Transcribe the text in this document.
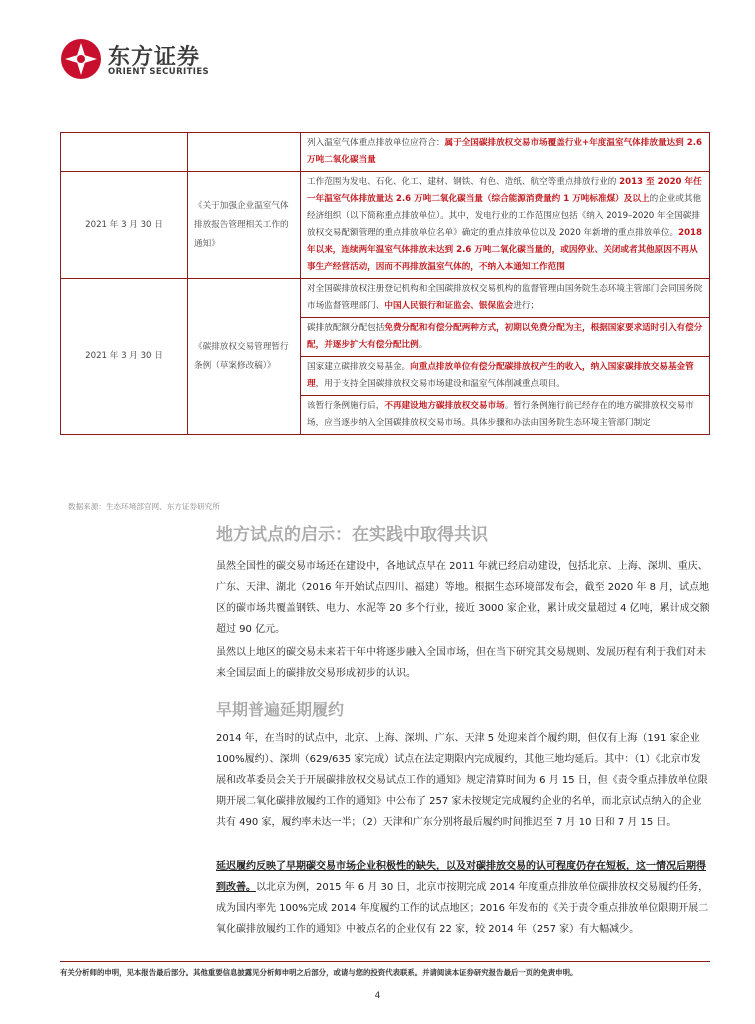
东方证券
ORIENT SECURITIES
		列入温室气体重点排放单位应符合：属于全国碳排放权交易市场覆盖行业+年度温室气体排放量达到 2.6 万吨二氧化碳当量
2021 年 3 月 30 日	《关于加强企业温室气体排放报告管理相关工作的通知》	工作范围为发电、石化、化工、建材、钢铁、有色、造纸、航空等重点排放行业的 2013 至 2020 年任一年温室气体排放量达 2.6 万吨二氧化碳当量（综合能源消费量约 1 万吨标准煤）及以上的企业或其他经济组织（以下简称重点排放单位）。其中，发电行业的工作范围应包括《纳入 2019–2020 年全国碳排放权交易配额管理的重点排放单位名单》确定的重点排放单位以及 2020 年新增的重点排放单位。2018 年以来，连续两年温室气体排放未达到 2.6 万吨二氧化碳当量的，或因停业、关闭或者其他原因不再从事生产经营活动，因而不再排放温室气体的，不纳入本通知工作范围
2021 年 3 月 30 日	《碳排放权交易管理暂行条例（草案修改稿）》	对全国碳排放权注册登记机构和全国碳排放权交易机构的监督管理由国务院生态环境主管部门会同国务院市场监督管理部门、中国人民银行和证监会、银保监会进行；
		碳排放配额分配包括免费分配和有偿分配两种方式，初期以免费分配为主，根据国家要求适时引入有偿分配，并逐步扩大有偿分配比例。
		国家建立碳排放交易基金。向重点排放单位有偿分配碳排放权产生的收入，纳入国家碳排放交易基金管理，用于支持全国碳排放权交易市场建设和温室气体削减重点项目。
		该暂行条例施行后，不再建设地方碳排放权交易市场。暂行条例施行前已经存在的地方碳排放权交易市场，应当逐步纳入全国碳排放权交易市场。具体步骤和办法由国务院生态环境主管部门制定
数据来源：生态环境部官网、东方证券研究所
地方试点的启示：在实践中取得共识
虽然全国性的碳交易市场还在建设中，各地试点早在 2011 年就已经启动建设，包括北京、上海、深圳、重庆、广东、天津、湖北（2016 年开始试点四川、福建）等地。根据生态环境部发布会，截至 2020 年 8 月，试点地区的碳市场共覆盖钢铁、电力、水泥等 20 多个行业，接近 3000 家企业，累计成交量超过 4 亿吨，累计成交额超过 90 亿元。
虽然以上地区的碳交易未来若干年中将逐步融入全国市场，但在当下研究其交易规则、发展历程有利于我们对未来全国层面上的碳排放交易形成初步的认识。
早期普遍延期履约
2014 年，在当时的试点中，北京、上海、深圳、广东、天津 5 处迎来首个履约期，但仅有上海（191 家企业 100%履约）、深圳（629/635 家完成）试点在法定期限内完成履约，其他三地均延后。其中：（1）《北京市发展和改革委员会关于开展碳排放权交易试点工作的通知》规定清算时间为 6 月 15 日，但《责令重点排放单位限期开展二氧化碳排放履约工作的通知》中公布了 257 家未按规定完成履约企业的名单，而北京试点纳入的企业共有 490 家，履约率未达一半；（2）天津和广东分别将最后履约时间推迟至 7 月 10 日和 7 月 15 日。
延迟履约反映了早期碳交易市场企业积极性的缺失，以及对碳排放交易的认可程度仍存在短板，这一情况后期得到改善。以北京为例，2015 年 6 月 30 日，北京市按期完成 2014 年度重点排放单位碳排放权交易履约任务，成为国内率先 100%完成 2014 年度履约工作的试点地区；2016 年发布的《关于责令重点排放单位限期开展二氧化碳排放履约工作的通知》中被点名的企业仅有 22 家，较 2014 年（257 家）有大幅减少。
有关分析师的申明，见本报告最后部分。其他重要信息披露见分析师申明之后部分，或请与您的投资代表联系。并请阅读本证券研究报告最后一页的免责申明。
4
